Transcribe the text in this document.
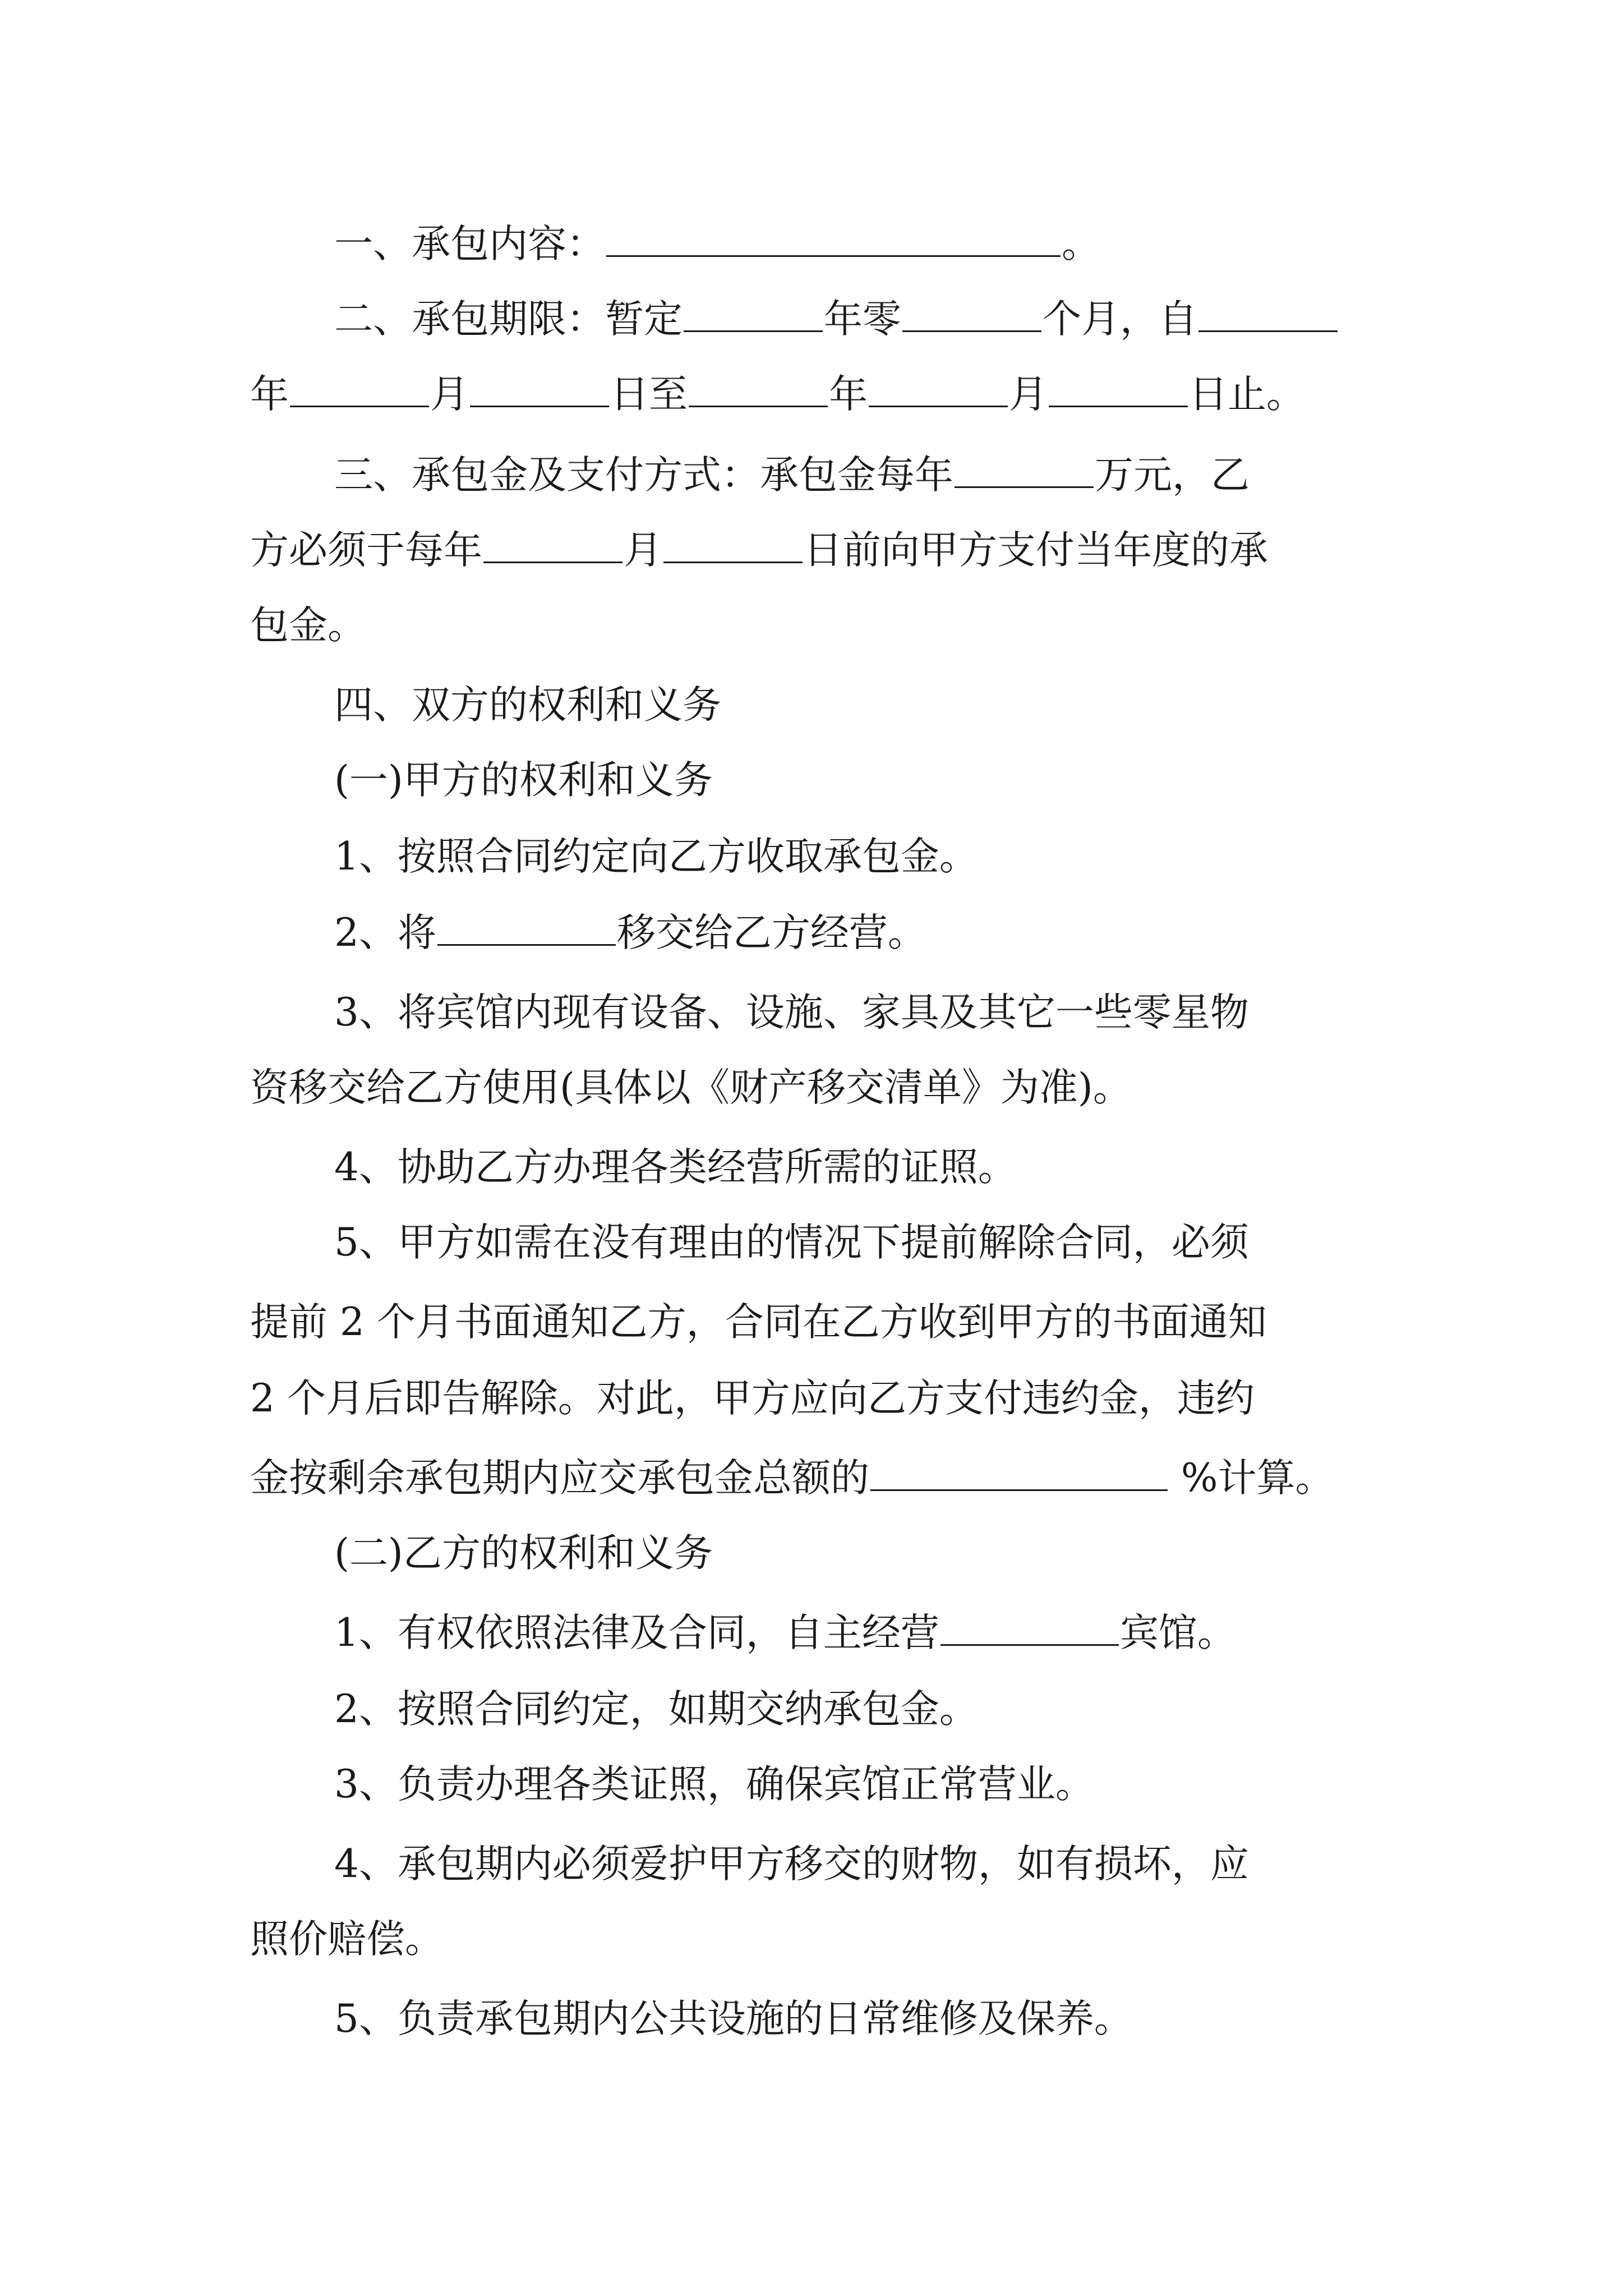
一、承包内容：	。
二、承包期限：暂定	年零	个月，自
年	月	日至	年	月	日止。
三、承包金及支付方式：承包金每年	万元，乙
方必须于每年	月	日前向甲方支付当年度的承
包金。
四、双方的权利和义务
(一)甲方的权利和义务
1、按照合同约定向乙方收取承包金。
2、将	移交给乙方经营。
3、将宾馆内现有设备、设施、家具及其它一些零星物
资移交给乙方使用(具体以《财产移交清单》为准)。
4、协助乙方办理各类经营所需的证照。
5、甲方如需在没有理由的情况下提前解除合同，必须
提前 2 个月书面通知乙方，合同在乙方收到甲方的书面通知
2 个月后即告解除。对此，甲方应向乙方支付违约金，违约
金按剩余承包期内应交承包金总额的	%计算。
(二)乙方的权利和义务
1、有权依照法律及合同，自主经营	宾馆。
2、按照合同约定，如期交纳承包金。
3、负责办理各类证照，确保宾馆正常营业。
4、承包期内必须爱护甲方移交的财物，如有损坏，应
照价赔偿。
5、负责承包期内公共设施的日常维修及保养。
